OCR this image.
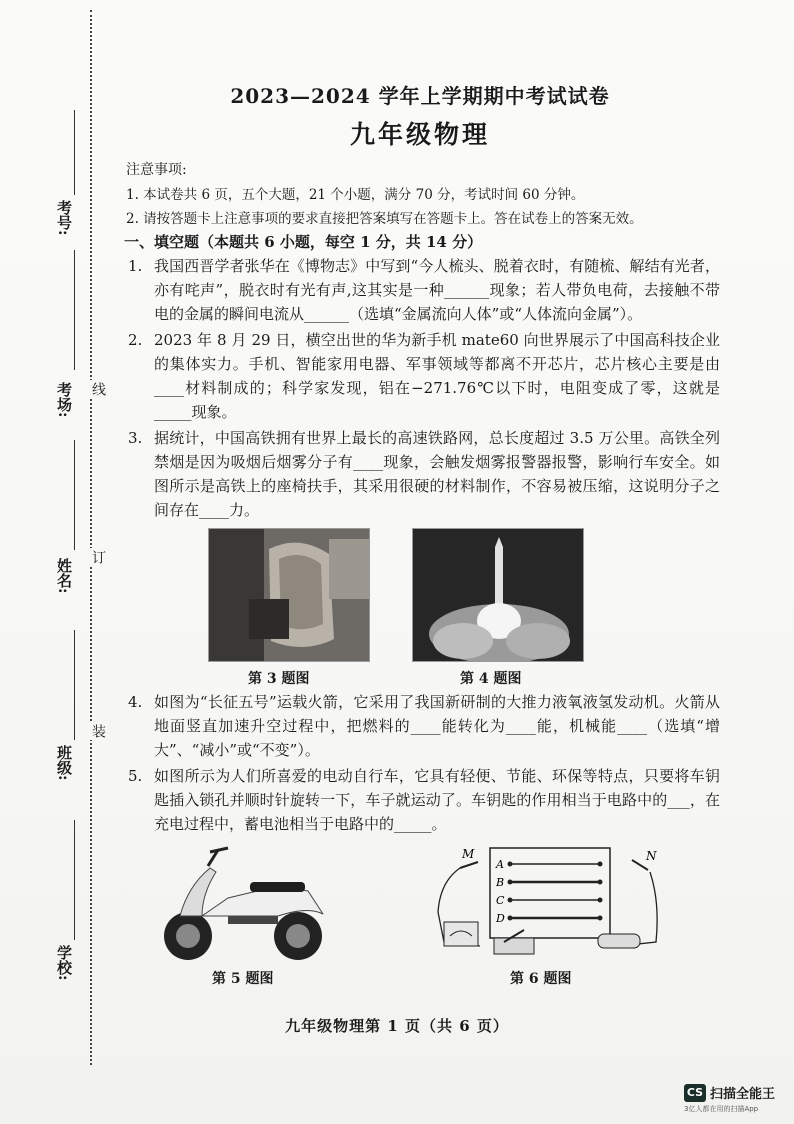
考号:
考场:
姓名:
班级:
学校:
线
订
装

2023—2024 学年上学期期中考试试卷

九年级物理

注意事项:

1. 本试卷共 6 页，五个大题，21 个小题，满分 70 分，考试时间 60 分钟。

2. 请按答题卡上注意事项的要求直接把答案填写在答题卡上。答在试卷上的答案无效。

一、填空题（本题共 6 小题，每空 1 分，共 14 分）

1. 我国西晋学者张华在《博物志》中写到“今人梳头、脱着衣时，有随梳、解结有光者，亦有咤声”，脱衣时有光有声,这其实是一种______现象；若人带负电荷，去接触不带电的金属的瞬间电流从______（选填“金属流向人体”或“人体流向金属”）。
2. 2023 年 8 月 29 日，横空出世的华为新手机 mate60 向世界展示了中国高科技企业的集体实力。手机、智能家用电器、军事领域等都离不开芯片，芯片核心主要是由____材料制成的；科学家发现，铝在−271.76℃以下时，电阻变成了零，这就是_____现象。
3. 据统计，中国高铁拥有世界上最长的高速铁路网，总长度超过 3.5 万公里。高铁全列禁烟是因为吸烟后烟雾分子有____现象，会触发烟雾报警器报警，影响行车安全。如图所示是高铁上的座椅扶手，其采用很硬的材料制作，不容易被压缩，这说明分子之间存在____力。
第 3 题图	第 4 题图
4. 如图为“长征五号”运载火箭，它采用了我国新研制的大推力液氧液氢发动机。火箭从地面竖直加速升空过程中，把燃料的____能转化为____能，机械能____（选填“增大”、“减小”或“不变”）。
5. 如图所示为人们所喜爱的电动自行车，它具有轻便、节能、环保等特点，只要将车钥匙插入锁孔并顺时针旋转一下，车子就运动了。车钥匙的作用相当于电路中的___，在充电过程中，蓄电池相当于电路中的_____。
第 5 题图
M	N
A
B
C
D
第 6 题图
九年级物理第 1 页（共 6 页）
CS 扫描全能王
3亿人都在用的扫描App
